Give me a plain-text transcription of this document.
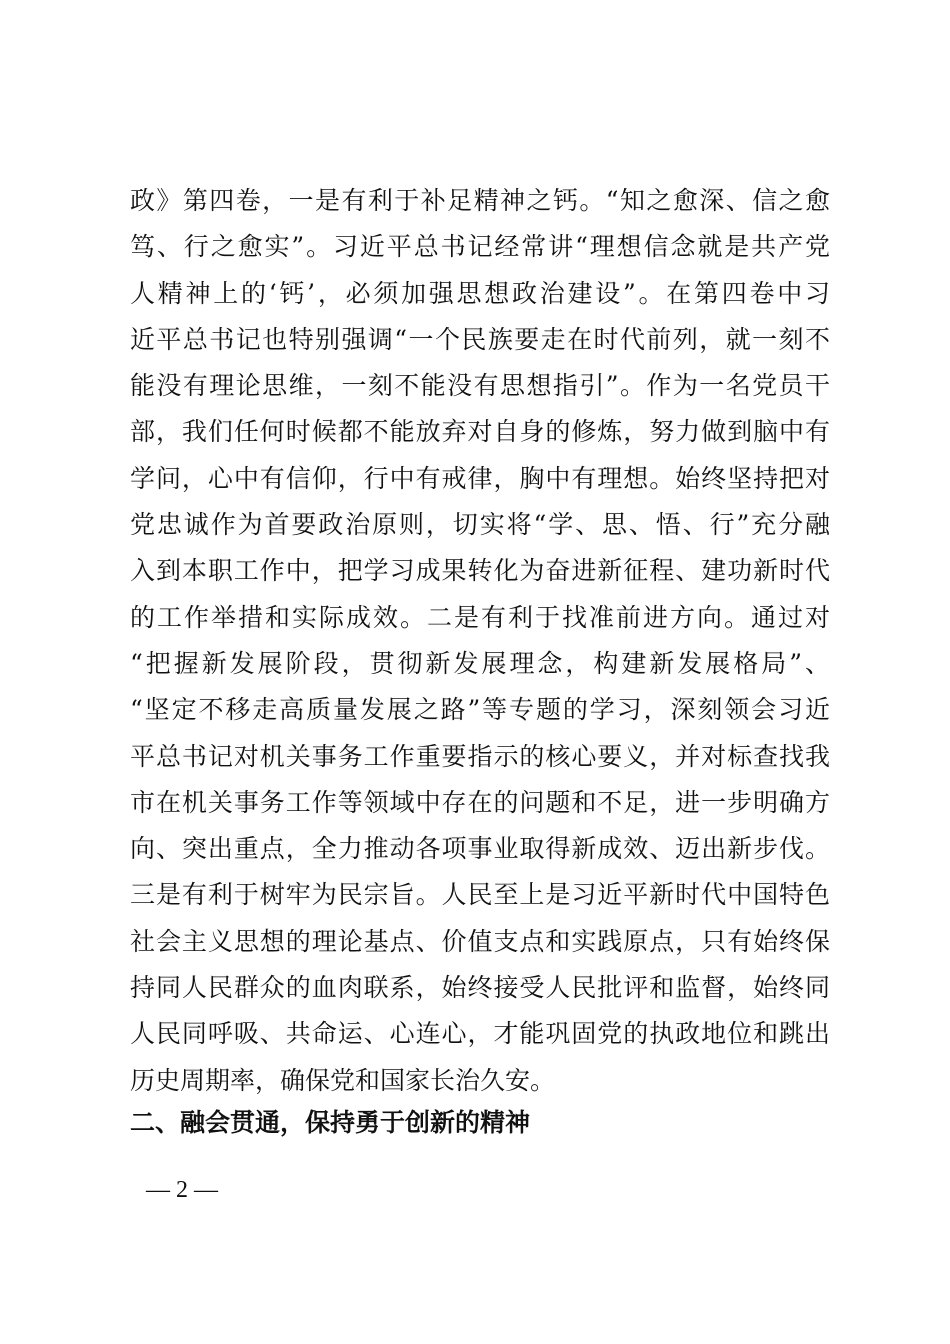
政》第四卷，一是有利于补足精神之钙。“知之愈深、信之愈
笃、行之愈实”。习近平总书记经常讲“理想信念就是共产党
人精神上的‘钙’，必须加强思想政治建设”。在第四卷中习
近平总书记也特别强调“一个民族要走在时代前列，就一刻不
能没有理论思维，一刻不能没有思想指引”。作为一名党员干
部，我们任何时候都不能放弃对自身的修炼，努力做到脑中有
学问，心中有信仰，行中有戒律，胸中有理想。始终坚持把对
党忠诚作为首要政治原则，切实将“学、思、悟、行”充分融
入到本职工作中，把学习成果转化为奋进新征程、建功新时代
的工作举措和实际成效。二是有利于找准前进方向。通过对
“把握新发展阶段，贯彻新发展理念，构建新发展格局”、
“坚定不移走高质量发展之路”等专题的学习，深刻领会习近
平总书记对机关事务工作重要指示的核心要义，并对标查找我
市在机关事务工作等领域中存在的问题和不足，进一步明确方
向、突出重点，全力推动各项事业取得新成效、迈出新步伐。
三是有利于树牢为民宗旨。人民至上是习近平新时代中国特色
社会主义思想的理论基点、价值支点和实践原点，只有始终保
持同人民群众的血肉联系，始终接受人民批评和监督，始终同
人民同呼吸、共命运、心连心，才能巩固党的执政地位和跳出
历史周期率，确保党和国家长治久安。
二、融会贯通，保持勇于创新的精神
— 2 —
